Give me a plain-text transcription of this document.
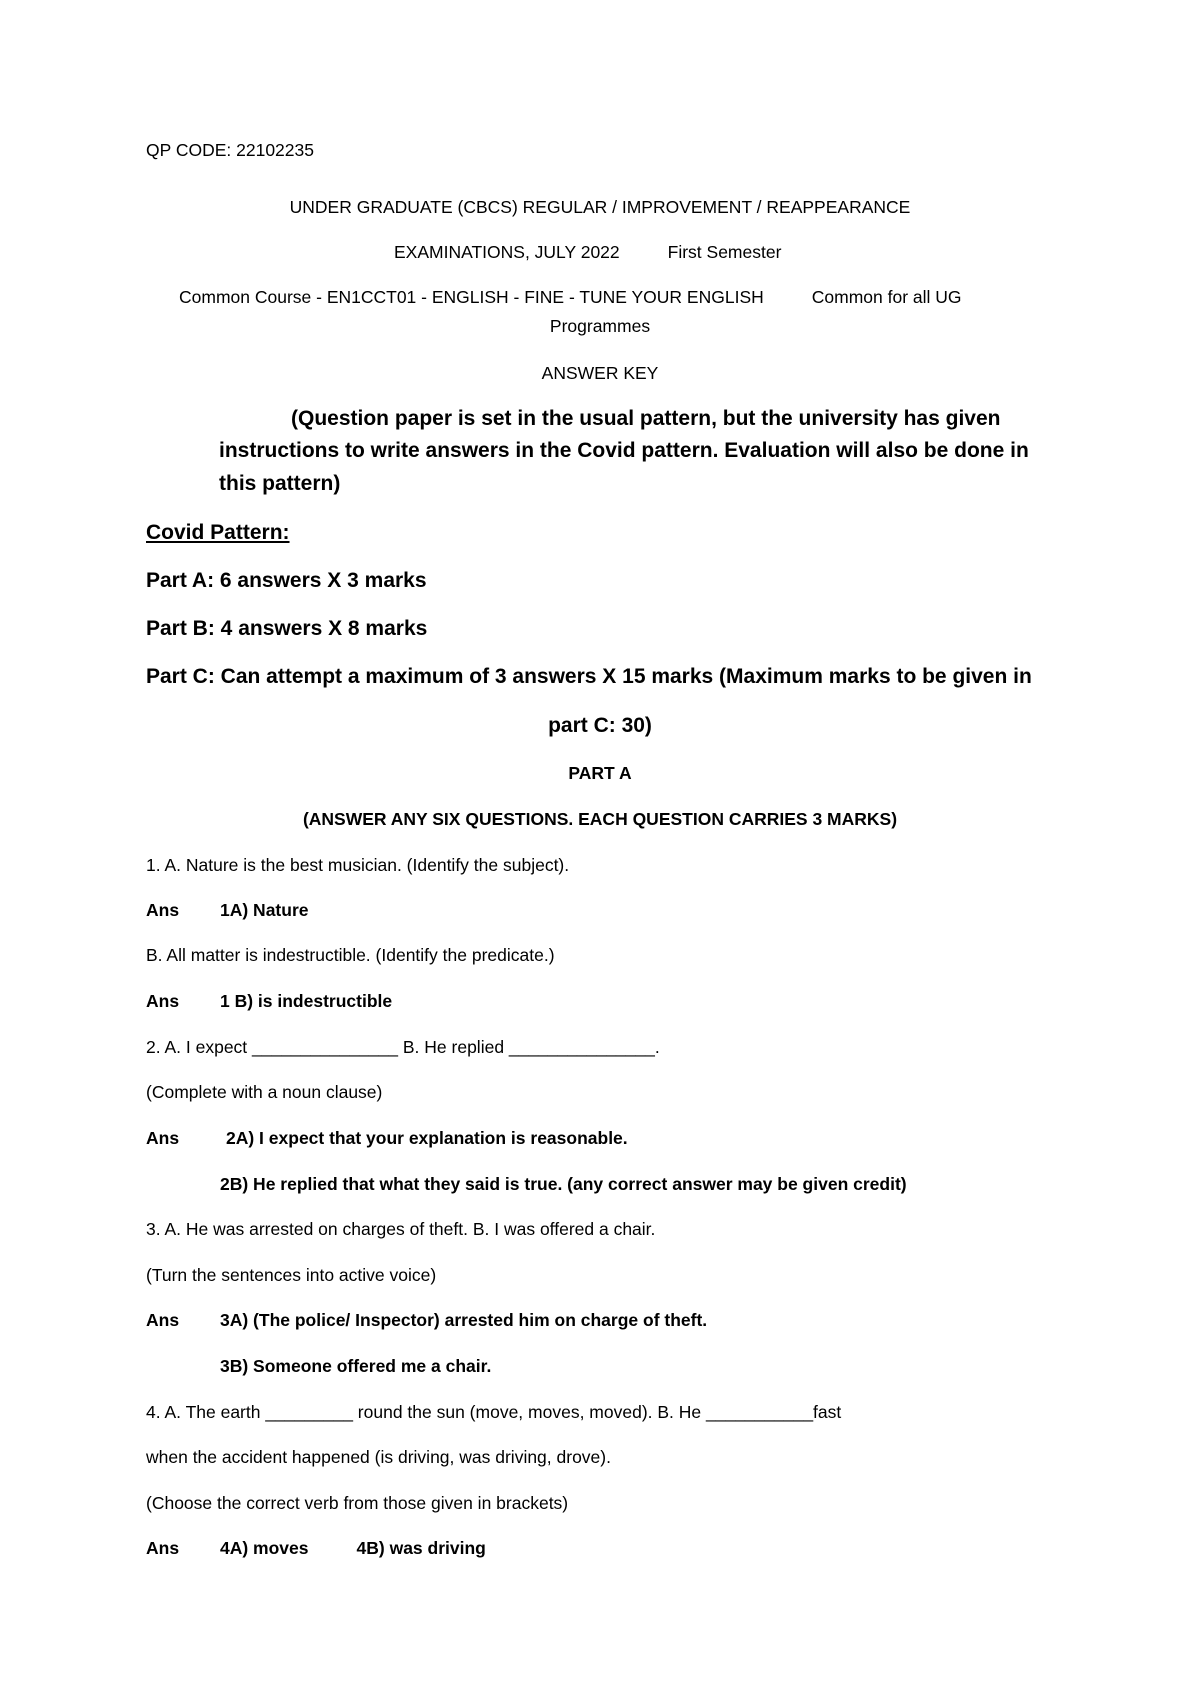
QP CODE: 22102235
UNDER GRADUATE (CBCS) REGULAR / IMPROVEMENT / REAPPEARANCE
EXAMINATIONS, JULY 2022	First Semester
Common Course - EN1CCT01 - ENGLISH - FINE - TUNE YOUR ENGLISH	Common for all UG
Programmes
ANSWER KEY
(Question paper is set in the usual pattern, but the university has given
instructions to write answers in the Covid pattern. Evaluation will also be done in
this pattern)
Covid Pattern:
Part A: 6 answers X 3 marks
Part B: 4 answers X 8 marks
Part C: Can attempt a maximum of 3 answers X 15 marks (Maximum marks to be given in
part C: 30)
PART A
(ANSWER ANY SIX QUESTIONS. EACH QUESTION CARRIES 3 MARKS)
1. A. Nature is the best musician. (Identify the subject).
Ans 1A) Nature
B. All matter is indestructible. (Identify the predicate.)
Ans 1 B) is indestructible
2. A. I expect _______________ B. He replied _______________.
(Complete with a noun clause)
Ans	2A) I expect that your explanation is reasonable.
2B) He replied that what they said is true. (any correct answer may be given credit)
3. A. He was arrested on charges of theft. B. I was offered a chair.
(Turn the sentences into active voice)
Ans 3A) (The police/ Inspector) arrested him on charge of theft.
3B) Someone offered me a chair.
4. A. The earth _________ round the sun (move, moves, moved). B. He ___________fast
when the accident happened (is driving, was driving, drove).
(Choose the correct verb from those given in brackets)
Ans 4A) moves	4B) was driving
